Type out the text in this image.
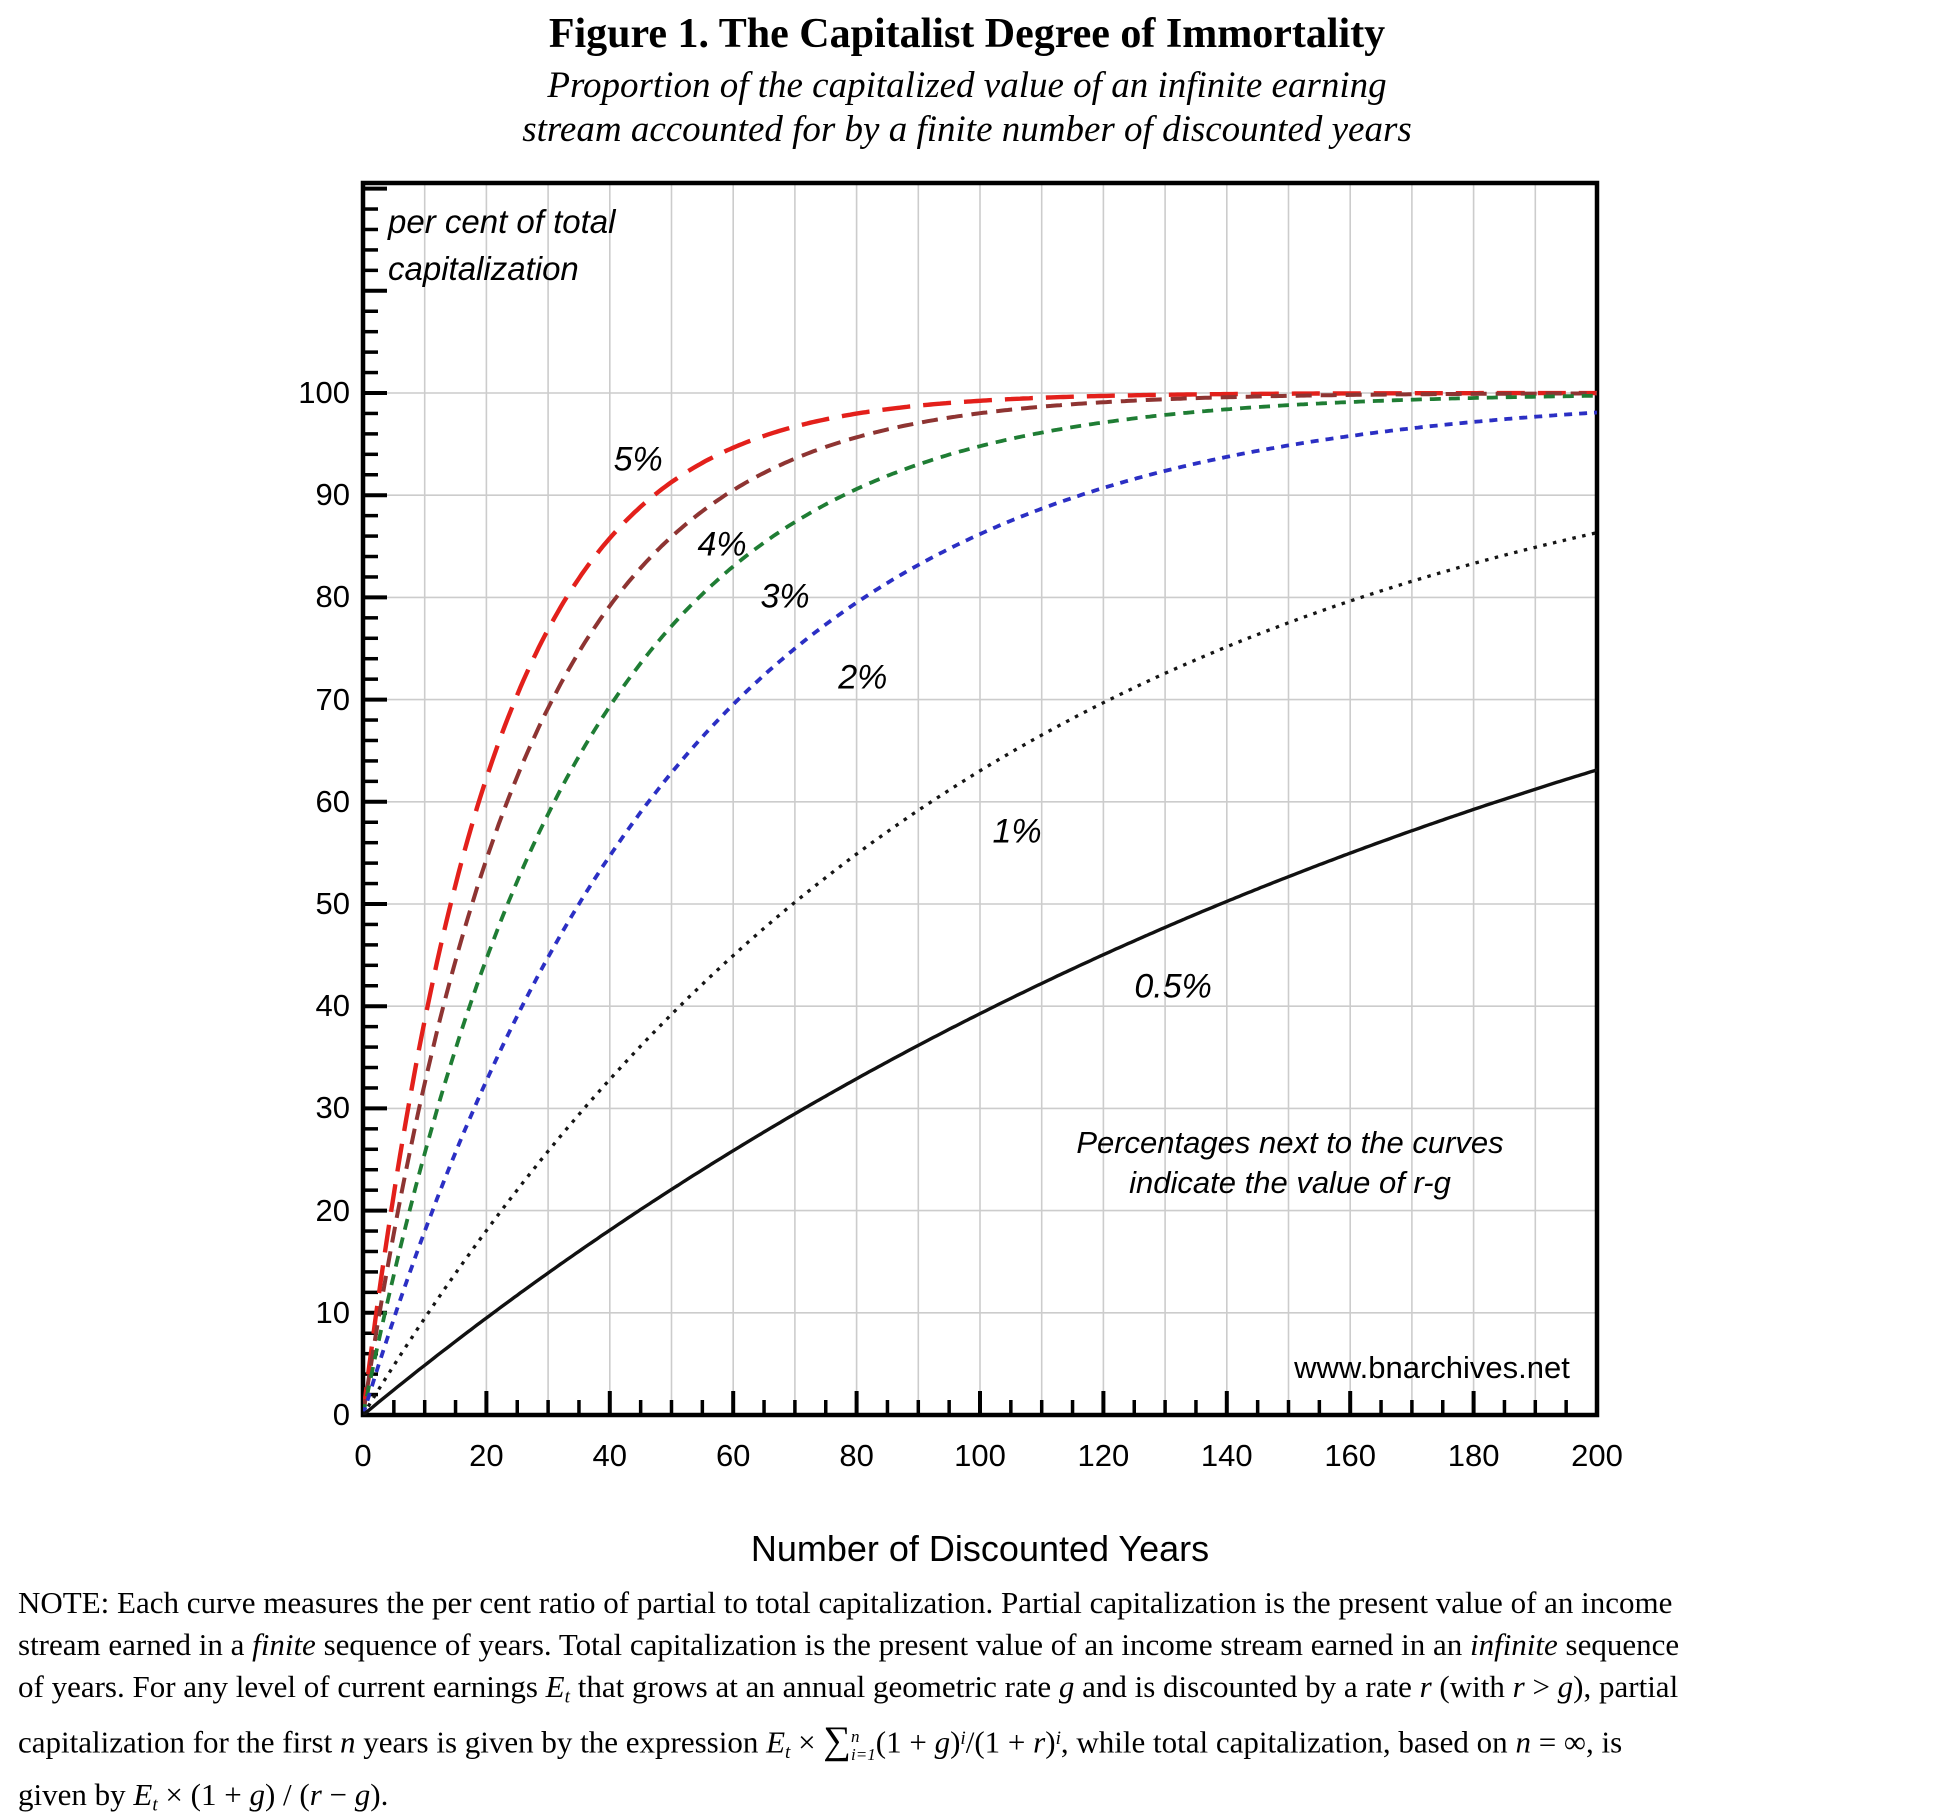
Figure 1. The Capitalist Degree of Immortality
Proportion of the capitalized value of an infinite earning
stream accounted for by a finite number of discounted years
per cent of total
capitalization
0
10
20
30
40
50
60
70
80
90
100
0	20	40	60	80	100	120	140	160	180	200
5%
4%
3%
2%
1%
0.5%
Percentages next to the curves
indicate the value of r-g
www.bnarchives.net
Number of Discounted Years
NOTE: Each curve measures the per cent ratio of partial to total capitalization. Partial capitalization is the present value of an income
stream earned in a finite sequence of years. Total capitalization is the present value of an income stream earned in an infinite sequence
of years. For any level of current earnings $E_t$ that grows at an annual geometric rate g and is discounted by a rate r (with r > g), partial
capitalization for the first n years is given by the expression $E_t$ × ∑ n
i=1 $(1 + g)^i/(1 + r)^i$, while total capitalization, based on n = ∞, is
given by $E_t \times (1 + g) / (r - g)$.
